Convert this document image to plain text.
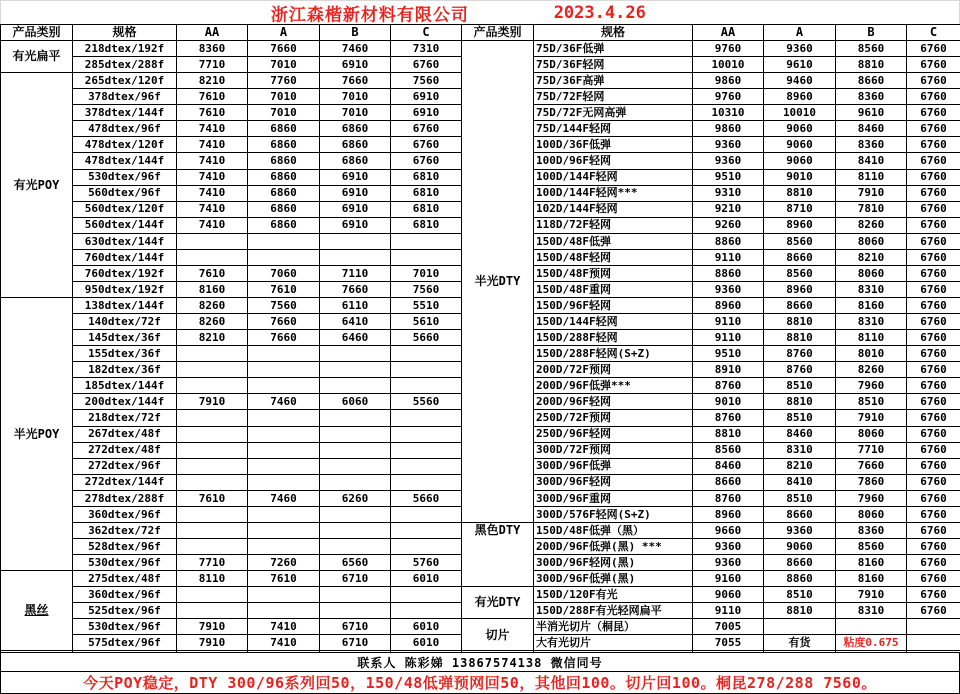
浙江森楷新材料有限公司	2023.4.26
产品类别	规格	AA	A	B	C	产品类别	规格	AA	A	B	C
有光扁平	218dtex/192f	8360	7660	7460	7310	半光DTY	75D/36F低弹	9760	9360	8560	6760
	285dtex/288f	7710	7010	6910	6760		75D/36F轻网	10010	9610	8810	6760
有光POY	265dtex/120f	8210	7760	7660	7560		75D/36F高弹	9860	9460	8660	6760
	378dtex/96f	7610	7010	7010	6910		75D/72F轻网	9760	8960	8360	6760
	378dtex/144f	7610	7010	7010	6910		75D/72F无网高弹	10310	10010	9610	6760
	478dtex/96f	7410	6860	6860	6760		75D/144F轻网	9860	9060	8460	6760
	478dtex/120f	7410	6860	6860	6760		100D/36F低弹	9360	9060	8360	6760
	478dtex/144f	7410	6860	6860	6760		100D/96F轻网	9360	9060	8410	6760
	530dtex/96f	7410	6860	6910	6810		100D/144F轻网	9510	9010	8110	6760
	560dtex/96f	7410	6860	6910	6810		100D/144F轻网***	9310	8810	7910	6760
	560dtex/120f	7410	6860	6910	6810		102D/144F轻网	9210	8710	7810	6760
	560dtex/144f	7410	6860	6910	6810		118D/72F轻网	9260	8960	8260	6760
	630dtex/144f						150D/48F低弹	8860	8560	8060	6760
	760dtex/144f						150D/48F轻网	9110	8660	8210	6760
	760dtex/192f	7610	7060	7110	7010		150D/48F预网	8860	8560	8060	6760
	950dtex/192f	8160	7610	7660	7560		150D/48F重网	9360	8960	8310	6760
半光POY	138dtex/144f	8260	7560	6110	5510		150D/96F轻网	8960	8660	8160	6760
	140dtex/72f	8260	7660	6410	5610		150D/144F轻网	9110	8810	8310	6760
	145dtex/36f	8210	7660	6460	5660		150D/288F轻网	9110	8810	8110	6760
	155dtex/36f						150D/288F轻网(S+Z)	9510	8760	8010	6760
	182dtex/36f						200D/72F预网	8910	8760	8260	6760
	185dtex/144f						200D/96F低弹***	8760	8510	7960	6760
	200dtex/144f	7910	7460	6060	5560		200D/96F轻网	9010	8810	8510	6760
	218dtex/72f						250D/72F预网	8760	8510	7910	6760
	267dtex/48f						250D/96F轻网	8810	8460	8060	6760
	272dtex/48f						300D/72F预网	8560	8310	7710	6760
	272dtex/96f						300D/96F低弹	8460	8210	7660	6760
	272dtex/144f						300D/96F轻网	8660	8410	7860	6760
	278dtex/288f	7610	7460	6260	5660		300D/96F重网	8760	8510	7960	6760
	360dtex/96f						300D/576F轻网(S+Z)	8960	8660	8060	6760
	362dtex/72f					黑色DTY	150D/48F低弹（黑）	9660	9360	8360	6760
	528dtex/96f						200D/96F低弹(黑) ***	9360	9060	8560	6760
	530dtex/96f	7710	7260	6560	5760		300D/96F轻网(黑)	9360	8660	8160	6760
黑丝	275dtex/48f	8110	7610	6710	6010		300D/96F低弹(黑)	9160	8860	8160	6760
	360dtex/96f					有光DTY	150D/120F有光	9060	8510	7910	6760
	525dtex/96f						150D/288F有光轻网扁平	9110	8810	8310	6760
	530dtex/96f	7910	7410	6710	6010	切片	半消光切片（桐昆）	7005			
	575dtex/96f	7910	7410	6710	6010		大有光切片	7055	有货	粘度0.675	

联系人 陈彩娣 13867574138 微信同号
今天POY稳定，DTY 300/96系列回50，150/48低弹预网回50，其他回100。切片回100。桐昆278/288 7560。
